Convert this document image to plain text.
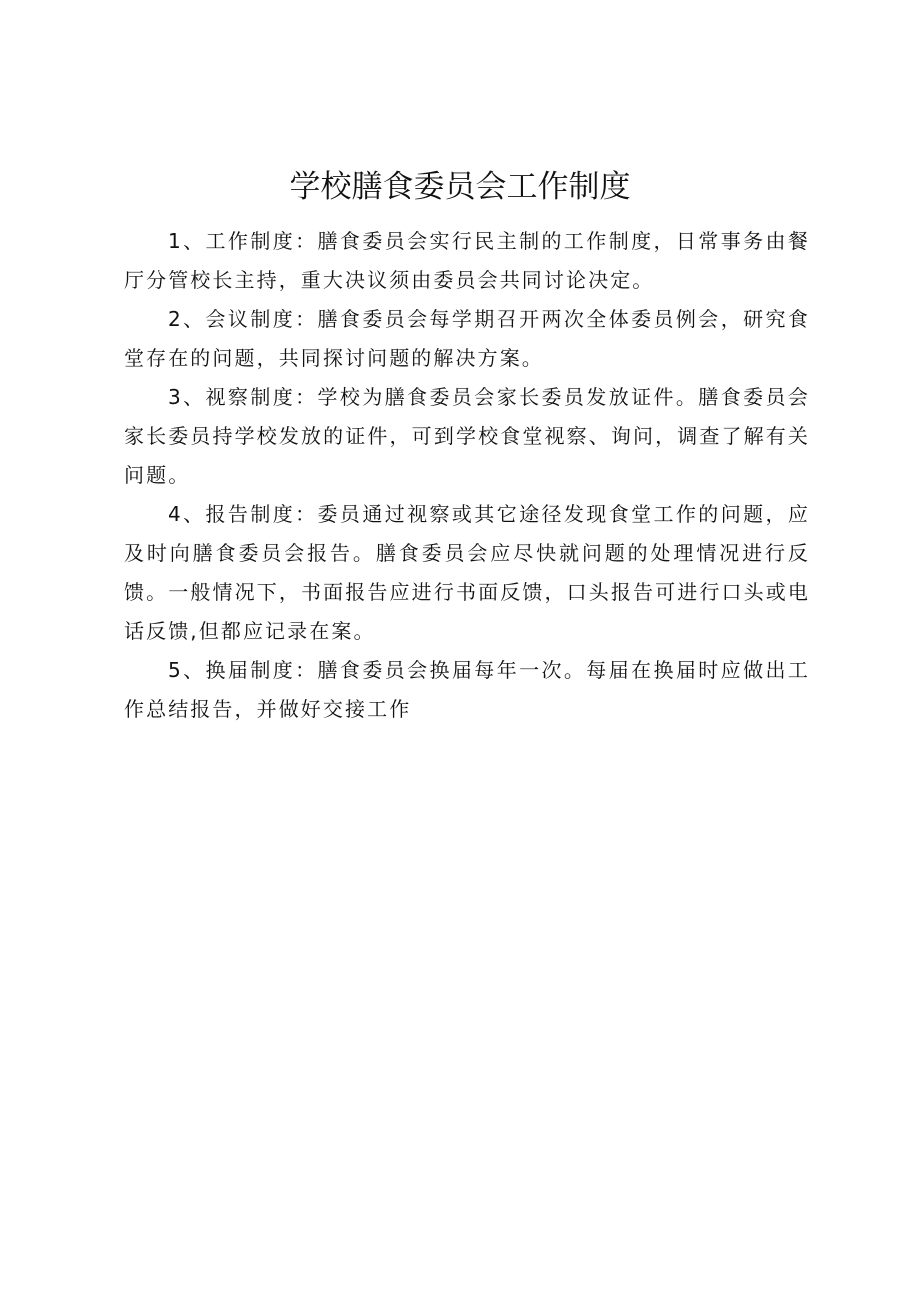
学校膳食委员会工作制度

1、工作制度：膳食委员会实行民主制的工作制度，日常事务由餐厅分管校长主持，重大决议须由委员会共同讨论决定。

2、会议制度：膳食委员会每学期召开两次全体委员例会，研究食堂存在的问题，共同探讨问题的解决方案。

3、视察制度：学校为膳食委员会家长委员发放证件。膳食委员会家长委员持学校发放的证件，可到学校食堂视察、询问，调查了解有关问题。

4、报告制度：委员通过视察或其它途径发现食堂工作的问题，应及时向膳食委员会报告。膳食委员会应尽快就问题的处理情况进行反馈。一般情况下，书面报告应进行书面反馈，口头报告可进行口头或电话反馈,但都应记录在案。

5、换届制度：膳食委员会换届每年一次。每届在换届时应做出工作总结报告，并做好交接工作
